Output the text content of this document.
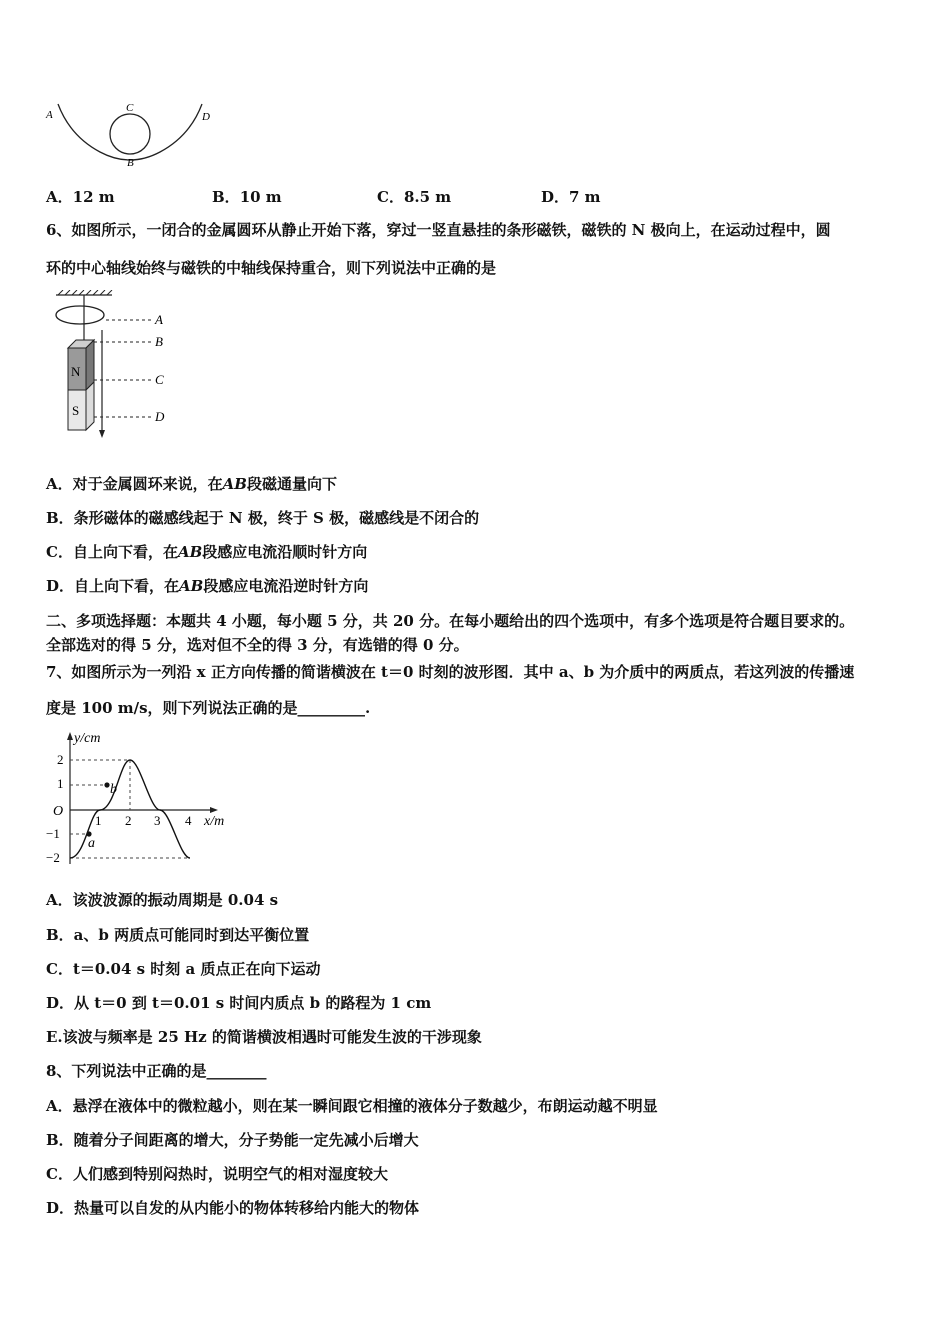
A
C
D
B
A．12 m	B．10 m	C．8.5 m	D．7 m
6、如图所示，一闭合的金属圆环从静止开始下落，穿过一竖直悬挂的条形磁铁，磁铁的 N 极向上，在运动过程中，圆
环的中心轴线始终与磁铁的中轴线保持重合，则下列说法中正确的是
N
S
A
B
C
D
A．对于金属圆环来说，在AB段磁通量向下
B．条形磁体的磁感线起于 N 极，终于 S 极，磁感线是不闭合的
C．自上向下看，在AB段感应电流沿顺时针方向
D．自上向下看，在AB段感应电流沿逆时针方向
二、多项选择题：本题共 4 小题，每小题 5 分，共 20 分。在每小题给出的四个选项中，有多个选项是符合题目要求的。
全部选对的得 5 分，选对但不全的得 3 分，有选错的得 0 分。
7、如图所示为一列沿 x 正方向传播的简谐横波在 t＝0 时刻的波形图．其中 a、b 为介质中的两质点，若这列波的传播速
度是 100 m/s，则下列说法正确的是_________.
y/cm
x/m
O
2
1
−1
−2
1 2 3 4
b
a
A．该波波源的振动周期是 0.04 s
B．a、b 两质点可能同时到达平衡位置
C．t＝0.04 s 时刻 a 质点正在向下运动
D．从 t＝0 到 t＝0.01 s 时间内质点 b 的路程为 1 cm
E.该波与频率是 25 Hz 的简谐横波相遇时可能发生波的干涉现象
8、下列说法中正确的是________
A．悬浮在液体中的微粒越小，则在某一瞬间跟它相撞的液体分子数越少，布朗运动越不明显
B．随着分子间距离的增大，分子势能一定先减小后增大
C．人们感到特别闷热时，说明空气的相对湿度较大
D．热量可以自发的从内能小的物体转移给内能大的物体
